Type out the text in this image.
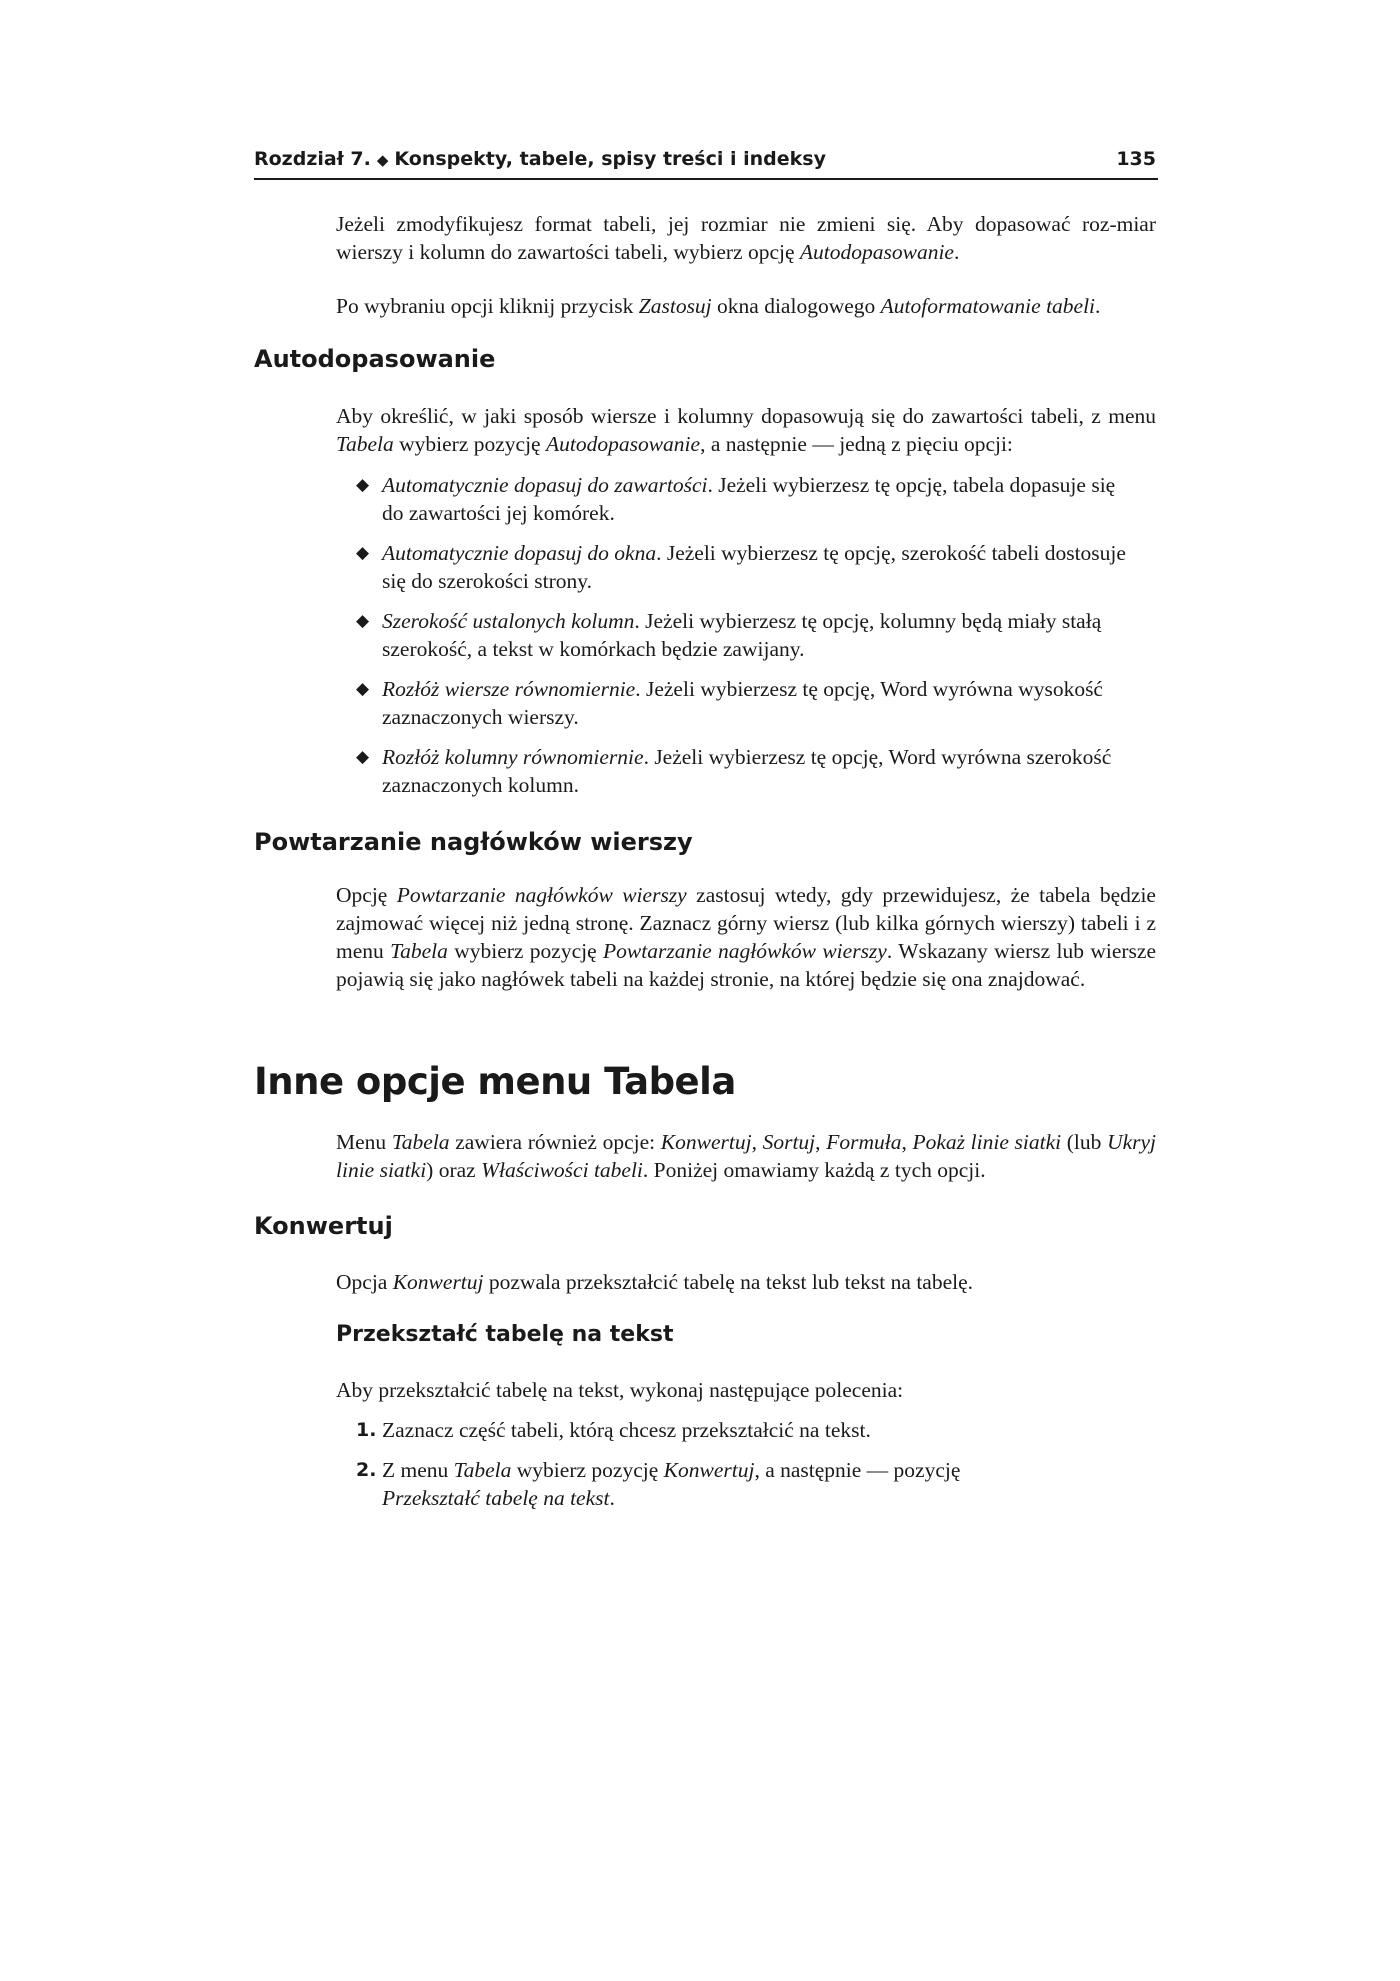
Rozdział 7. ◆ Konspekty, tabele, spisy treści i indeksy	135
Jeżeli zmodyfikujesz format tabeli, jej rozmiar nie zmieni się. Aby dopasować roz-miar wierszy i kolumn do zawartości tabeli, wybierz opcję Autodopasowanie.
Po wybraniu opcji kliknij przycisk Zastosuj okna dialogowego Autoformatowanie tabeli.
Autodopasowanie
Aby określić, w jaki sposób wiersze i kolumny dopasowują się do zawartości tabeli, z menu Tabela wybierz pozycję Autodopasowanie, a następnie — jedną z pięciu opcji:
◆ Automatycznie dopasuj do zawartości. Jeżeli wybierzesz tę opcję, tabela dopasuje się do zawartości jej komórek.
◆ Automatycznie dopasuj do okna. Jeżeli wybierzesz tę opcję, szerokość tabeli dostosuje się do szerokości strony.
◆ Szerokość ustalonych kolumn. Jeżeli wybierzesz tę opcję, kolumny będą miały stałą szerokość, a tekst w komórkach będzie zawijany.
◆ Rozłóż wiersze równomiernie. Jeżeli wybierzesz tę opcję, Word wyrówna wysokość zaznaczonych wierszy.
◆ Rozłóż kolumny równomiernie. Jeżeli wybierzesz tę opcję, Word wyrówna szerokość zaznaczonych kolumn.
Powtarzanie nagłówków wierszy
Opcję Powtarzanie nagłówków wierszy zastosuj wtedy, gdy przewidujesz, że tabela będzie zajmować więcej niż jedną stronę. Zaznacz górny wiersz (lub kilka górnych wierszy) tabeli i z menu Tabela wybierz pozycję Powtarzanie nagłówków wierszy. Wskazany wiersz lub wiersze pojawią się jako nagłówek tabeli na każdej stronie, na której będzie się ona znajdować.
Inne opcje menu Tabela
Menu Tabela zawiera również opcje: Konwertuj, Sortuj, Formuła, Pokaż linie siatki (lub Ukryj linie siatki) oraz Właściwości tabeli. Poniżej omawiamy każdą z tych opcji.
Konwertuj
Opcja Konwertuj pozwala przekształcić tabelę na tekst lub tekst na tabelę.
Przekształć tabelę na tekst
Aby przekształcić tabelę na tekst, wykonaj następujące polecenia:
1. Zaznacz część tabeli, którą chcesz przekształcić na tekst.
2. Z menu Tabela wybierz pozycję Konwertuj, a następnie — pozycję
Przekształć tabelę na tekst.
